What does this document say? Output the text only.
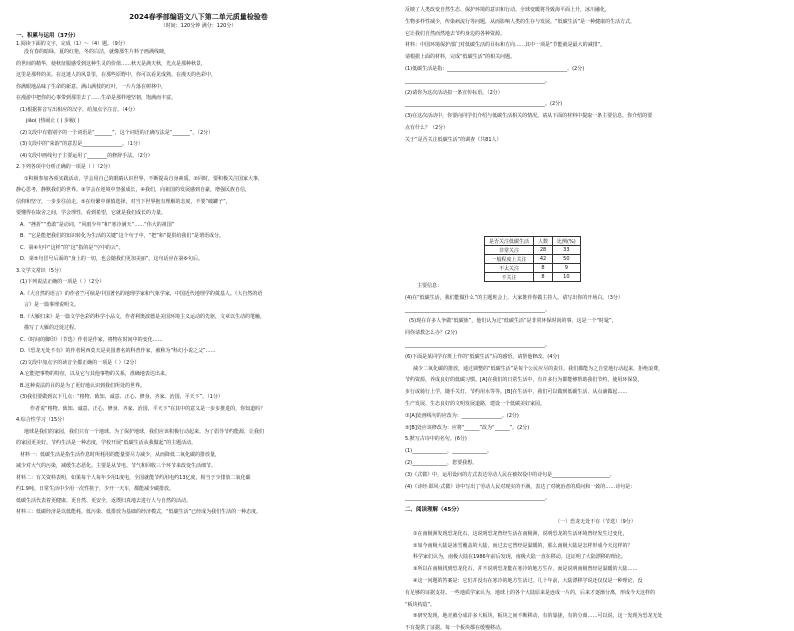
2024春季部编语文八下第二单元质量检验卷
（时间：120分钟 满分：120分）
一、积累与运用（37分）
1.阅读下面的文字，完成（1）～（4）题。（9分）
没有春的暗绿，夏的红艳，冬的白洁，就像那生片料子画满线映，
的世间的精华，使秋征服感受到这种生灵的价值……秋天是满天秋，光点是那种秋景，
这里是那样的美。在这迷人的风景里，在那些原野中，你可以看见成熟、在漫天的色彩中，
你满眼地品味了生命的新意。满山满枝的红叶，一片片落在树林中，
在漫游中把你的心事带到那里去了……生命是那样地坚韧，饱满而丰富。
(1)根据拼音写出相应的汉字，给加点字注音。（4分）
jiǎo( )热闹止 ( ) 步履( )
(2)文段中有错别字的一个词语是“_______”，这个词语的正确写法是“_______”。（2分）
(3)文段中的“荣韵”的意思是________________。（1分）
(4)文段中画线句子主要运用了________的修辞手法。（2分）
2.下列各项中分析正确的一项是（ ）（2分）
①积极参加各项实践活动，学会用自己的眼睛认识世界，不断提高自身素质。②同时，要积极关注国家大事，
静心思考，静默我们的世界。③学会在逆境中坚强成长，④我们，向祖国的发展感到自豪，增强民族自信，
信仰和坚守，一步步往前走。⑤在纷繁中谨慎选择，对当下世界抱有理解的态度，不要“破罐子”，
要懂得在取舍之间，学会理性，看到希望，它就是我们成长的力量。
A．“挫折”“勇敢”是动词，“风雨少年”和“寒冷满天”……“伟大的祖国”
B．“它是能把我们的知识转化为生活的关键”这个句子中，“把”和“提供给我们”是谓语成分。
C．第④句中“这样”的“这”指的是“空中的云”。
D．第⑤句冒号后面的“身上的一切，也会随我们更加美丽”。这句话应在第⑥句后。
3.文学文常识（5分）
(1)下列说法正确的一项是（ ）（2分）
A.《大自然的语言》的作者竺可桢是中国著名的地理学家和气象学家，中国近代地理学的奠基人。《大自然的语
言》是一篇事理说明文。
B.《大雁归来》是一篇文学色彩的科学小品文，作者利奥波德是美国环境主义运动的先驱，文章以生动的笔触，
描写了大雁的迁徙过程。
C.《时间的脚印》（节选）作者是作家，将物在时间中的变化……
D.《恐龙无处不有》的作者阿西莫夫是美国著名的科普作家，被称为“科幻小说之父”……
(2)文段中加点字的读音全都正确的一项是（ ）（2分）
A.它能把事物的特征，以及它与其他事物的关系，准确地表达出来。
B.这种说法的目的是为了更好地认识到我们所处的世界。
(3)我们要做到以下几点：“格物、致知、诚意、正心、修身、齐家、治国、平天下”。（1分）
作者说“格物、致知、诚意、正心、修身、齐家、治国、平天下”在其中的意义是一步步推进的，你知道吗？
4.综合性学习（15分）
地球是我们的家园，我们只有一个地球。为了保护地球，我们应该积极行动起来。为了倡导节约能源，让我们
的家园更美好。节约生活是一种态度，学校开展“低碳生活从我做起”的主题活动。
材料一：低碳生活是指生活作息时所耗用的能量要尽力减少，从而降低二氧化碳的排放量，
减少对大气的污染，减缓生态恶化。主要是从节电、节气和回收三个环节来改变生活细节。
材料二：有关资料表明，如果每个人每年少用1度电，全国就能节约用电约13亿度，相当于少排放二氧化碳
约1.9吨。日常生活中少用一次性筷子，少开一天车，都能减少碳排放。
低碳生活代表着更健康、更自然、更安全，返璞归真地去进行人与自然的活动。
材料三：低碳经济是以低能耗、低污染、低排放为基础的经济模式，“低碳生活”已经成为我们生活的一种态度。
是否关注低碳生活	人数	比例(%)
非常关注	28	33
一般程度上关注	42	50
不太关注	8	9
不关注	8	10
反映了人类改变自然生态、保护环境的意识和行动。全球变暖将导致海平面上升，冰川融化，
生物多样性减少，传染病流行等问题，从而影响人类的生存与发展。“低碳生活”是一种健康的生活方式，
它让我们自然而然地去节约身边的各种资源。
材料：中国环境保护部门对低碳生活的目标和方向……其中一项是“节能就是最大的减排”。
请根据上面的材料，完成“低碳生活”的相关问题。
(1)低碳生活是指：________________________________________________。(2分)
________________________________________________________。
(2)请你为这次活动拟一条宣传标语。（2分）
________________________________________________________。(2分)
(3)在这次活动中，你要向同学们介绍与低碳生活相关的情况。请从下面的材料中提取一条主要信息，你介绍的要
点有什么？（2分）
关于“是否关注低碳生活”的调查（共81人）
主要信息：
(4)在“低碳生活，我们能做什么”的主题班会上，大家推荐你做主持人。请写出你的开场白。（3分）
________________________________________________________。
(5)现在许多人争做“低碳族”，他们认为过“低碳生活”是非常环保时尚的事，这是一个“时髦”，
同你请教怎么办？(2分)
________________________________________________________。
(6)下面是某同学在班上作的“低碳生活”后的感悟，请帮他修改。(4分)
减少二氧化碳的排放，通过调整的“低碳生活”是每个公民应尽的责任。我们都能为之自觉地行动起来，拒绝浪费，
节约资源，养成良好的低碳习惯。[A]在我们的日常生活中，有许多行为都能够帮助我们节约，使用环保袋，
步行或骑行上学，随手关灯，节约用水等等。[B]在生活中，我们可以做到低碳生活，从点滴做起……
生产发展、生态良好的文明发展道路，建设一个低碳美好家园。
①[A]处画线句的应改为：________________。(2分)
②[B]处应该修改为：应将“______”改为“______”。(2分)
5.默写古诗中的名句。(6分)
(1)______________，______________。
(2)______________，您要我想。
(3)《式微》中，运用设问的方式表达劳动人民在被奴役中的诗句是_______________________。
(4)《诗经·邶风·式微》诗中写出了劳动人民对现实的不满，表达了对统治者的质问和一致的……诗句是：
________________________________________________________。
二、阅读理解（45分）
（一）恐龙无处不有（节选）（9分）
①在南极洲发现恐龙化石，这说明恐龙曾经生活在南极洲，说明恐龙的生活环境曾经发生过变化，
②如今南极大陆是冰雪覆盖的大陆，而过去它曾经是温暖的，那么南极大陆是怎样形成今天这样的？
科学家们认为，南极大陆在1986年前后发现，南极大陆一直在移动，这证明了大陆漂移的理论。
③所以在南极找到恐龙化石，并不说明恐龙能在寒冷的地方生存，而是说明南极曾经是温暖的大陆……
④这一问题的答案是：它们并没有在寒冷的地方生活过。几十年前，大陆漂移学说还仅仅是一种理论，没
有足够的证据支持。一些地质学家认为，地球上的各个大陆原来是连成一片的，后来才逐渐分离，形成今天这样的
“板块构造”。
⑤研究发现，地壳被分成许多大板块，板块之间不断移动，有的靠拢，有的分离……可以说，这一发现为恐龙无处
不有提供了证据。每一个板块都在缓慢移动。
